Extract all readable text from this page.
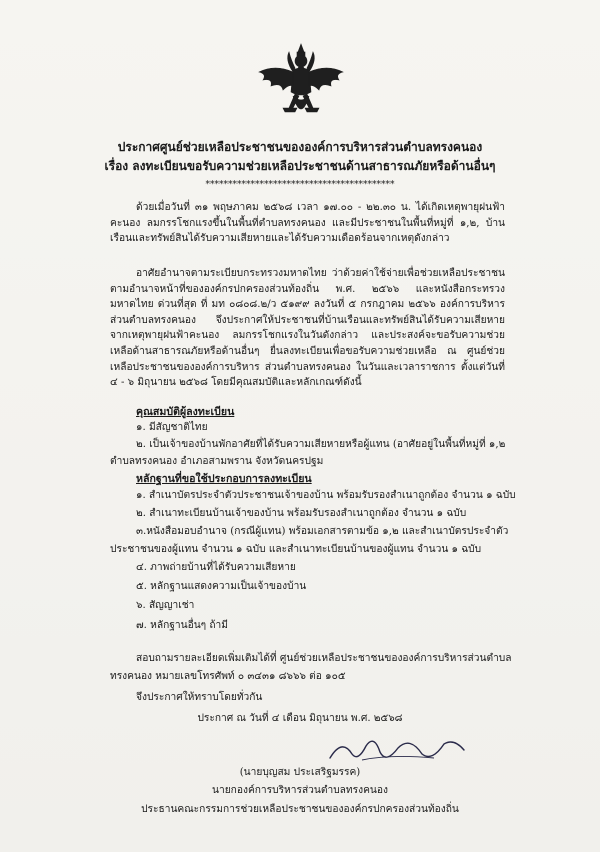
ประกาศศูนย์ช่วยเหลือประชาชนขององค์การบริหารส่วนตำบลทรงคนอง
เรื่อง ลงทะเบียนขอรับความช่วยเหลือประชาชนด้านสาธารณภัยหรือด้านอื่นๆ
******************************************
ด้วยเมื่อวันที่ ๓๑ พฤษภาคม ๒๕๖๘ เวลา ๑๗.๐๐ - ๒๒.๓๐ น. ได้เกิดเหตุพายุฝนฟ้าคะนอง ลมกรรโชกแรงขึ้นในพื้นที่ตำบลทรงคนอง และมีประชาชนในพื้นที่หมู่ที่ ๑,๒, บ้านเรือนและทรัพย์สินได้รับความเสียหายและได้รับความเดือดร้อนจากเหตุดังกล่าว
อาศัยอำนาจตามระเบียบกระทรวงมหาดไทย ว่าด้วยค่าใช้จ่ายเพื่อช่วยเหลือประชาชนตามอำนาจหน้าที่ขององค์กรปกครองส่วนท้องถิ่น พ.ศ. ๒๕๖๖ และหนังสือกระทรวงมหาดไทย ด่วนที่สุด ที่ มท ๐๘๐๘.๒/ว ๕๑๙๙ ลงวันที่ ๕ กรกฎาคม ๒๕๖๖ องค์การบริหารส่วนตำบลทรงคนอง จึงประกาศให้ประชาชนที่บ้านเรือนและทรัพย์สินได้รับความเสียหายจากเหตุพายุฝนฟ้าคะนอง ลมกรรโชกแรงในวันดังกล่าว และประสงค์จะขอรับความช่วยเหลือด้านสาธารณภัยหรือด้านอื่นๆ ยื่นลงทะเบียนเพื่อขอรับความช่วยเหลือ ณ ศูนย์ช่วยเหลือประชาชนขององค์การบริหาร ส่วนตำบลทรงคนอง ในวันและเวลาราชการ ตั้งแต่วันที่ ๔ - ๖ มิถุนายน ๒๕๖๘ โดยมีคุณสมบัติและหลักเกณฑ์ดังนี้
คุณสมบัติผู้ลงทะเบียน
๑. มีสัญชาติไทย
๒. เป็นเจ้าของบ้านพักอาศัยที่ได้รับความเสียหายหรือผู้แทน (อาศัยอยู่ในพื้นที่หมู่ที่ ๑,๒
ตำบลทรงคนอง อำเภอสามพราน จังหวัดนครปฐม
หลักฐานที่ขอใช้ประกอบการลงทะเบียน
๑. สำเนาบัตรประจำตัวประชาชนเจ้าของบ้าน พร้อมรับรองสำเนาถูกต้อง จำนวน ๑ ฉบับ
๒. สำเนาทะเบียนบ้านเจ้าของบ้าน พร้อมรับรองสำเนาถูกต้อง จำนวน ๑ ฉบับ
๓.หนังสือมอบอำนาจ (กรณีผู้แทน) พร้อมเอกสารตามข้อ ๑,๒ และสำเนาบัตรประจำตัว
ประชาชนของผู้แทน จำนวน ๑ ฉบับ และสำเนาทะเบียนบ้านของผู้แทน จำนวน ๑ ฉบับ
๔. ภาพถ่ายบ้านที่ได้รับความเสียหาย
๕. หลักฐานแสดงความเป็นเจ้าของบ้าน
๖. สัญญาเช่า
๗. หลักฐานอื่นๆ ถ้ามี
สอบถามรายละเอียดเพิ่มเติมได้ที่ ศูนย์ช่วยเหลือประชาชนขององค์การบริหารส่วนตำบล
ทรงคนอง หมายเลขโทรศัพท์ ๐ ๓๔๓๑ ๘๖๖๖ ต่อ ๑๐๕
จึงประกาศให้ทราบโดยทั่วกัน
ประกาศ ณ วันที่ ๔ เดือน มิถุนายน พ.ศ. ๒๕๖๘
(นายบุญสม ประเสริฐมรรค)
นายกองค์การบริหารส่วนตำบลทรงคนอง
ประธานคณะกรรมการช่วยเหลือประชาชนขององค์กรปกครองส่วนท้องถิ่น
